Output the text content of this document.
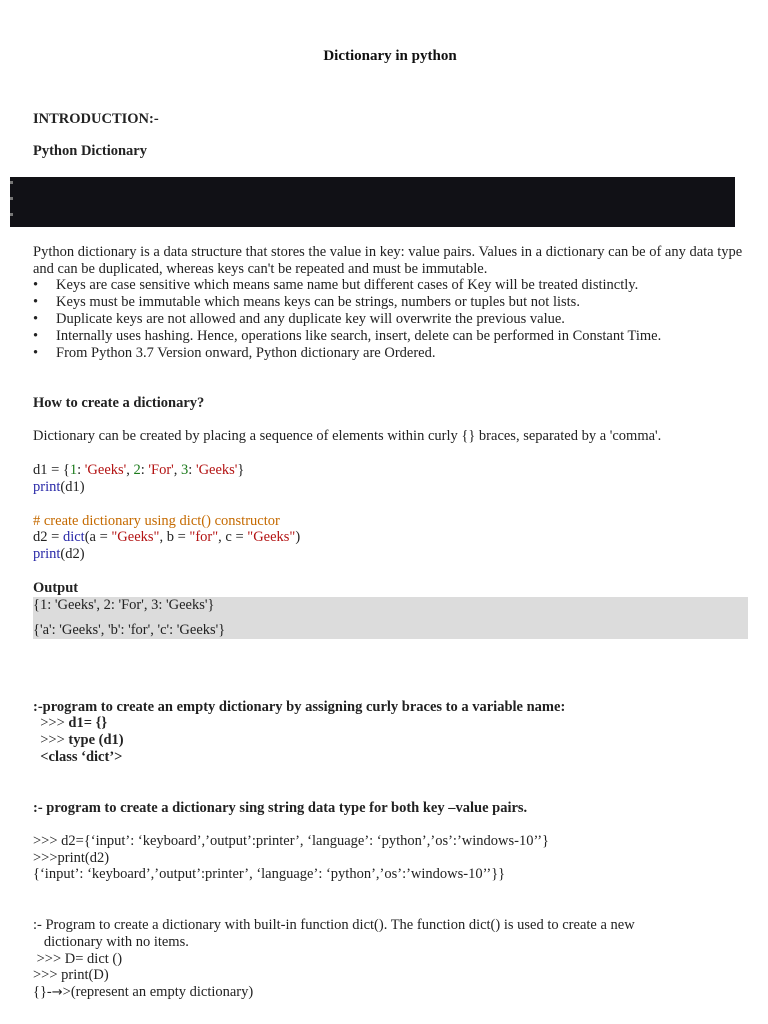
Dictionary in python
INTRODUCTION:-
Python Dictionary
Python dictionary is a data structure that stores the value in key: value pairs. Values in a dictionary can be of any data type and can be duplicated, whereas keys can't be repeated and must be immutable.
• Keys are case sensitive which means same name but different cases of Key will be treated distinctly.
• Keys must be immutable which means keys can be strings, numbers or tuples but not lists.
• Duplicate keys are not allowed and any duplicate key will overwrite the previous value.
• Internally uses hashing. Hence, operations like search, insert, delete can be performed in Constant Time.
• From Python 3.7 Version onward, Python dictionary are Ordered.
How to create a dictionary?
Dictionary can be created by placing a sequence of elements within curly {} braces, separated by a 'comma'.
d1 = {1: 'Geeks', 2: 'For', 3: 'Geeks'}
print(d1)
# create dictionary using dict() constructor
d2 = dict(a = "Geeks", b = "for", c = "Geeks")
print(d2)
Output
{1: 'Geeks', 2: 'For', 3: 'Geeks'}
{'a': 'Geeks', 'b': 'for', 'c': 'Geeks'}
:-program to create an empty dictionary by assigning curly braces to a variable name:
>>> d1= {}
>>> type (d1)
<class ‘dict’>
:- program to create a dictionary sing string data type for both key –value pairs.
>>> d2={‘input’: ‘keyboard’,’output’:printer’, ‘language’: ‘python’,’os’:’windows-10’’}
>>>print(d2)
{‘input’: ‘keyboard’,’output’:printer’, ‘language’: ‘python’,’os’:’windows-10’’}}
:- Program to create a dictionary with built-in function dict(). The function dict() is used to create a new
dictionary with no items.
>>> D= dict ()
>>> print(D)
{}-→>(represent an empty dictionary)
